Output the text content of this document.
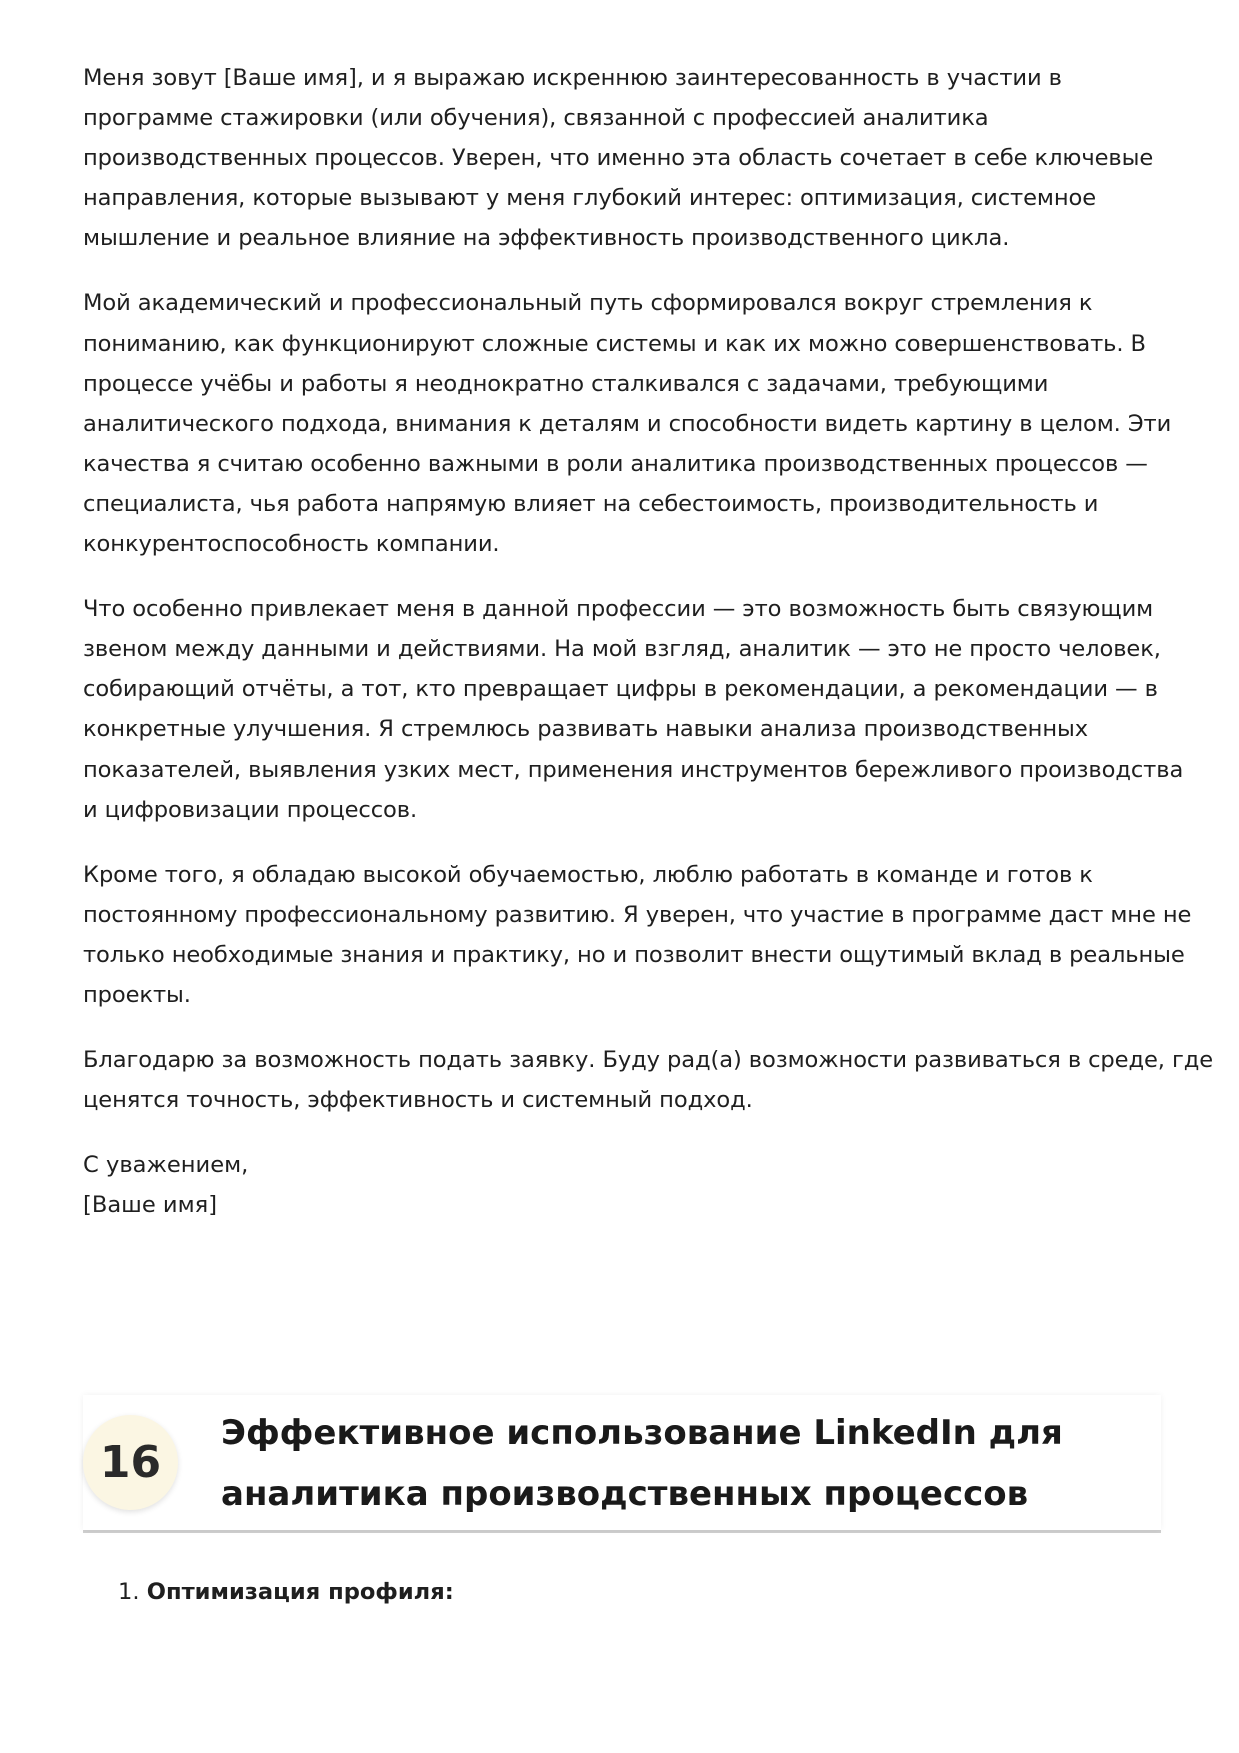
Меня зовут [Ваше имя], и я выражаю искреннюю заинтересованность в участии в
программе стажировки (или обучения), связанной с профессией аналитика
производственных процессов. Уверен, что именно эта область сочетает в себе ключевые
направления, которые вызывают у меня глубокий интерес: оптимизация, системное
мышление и реальное влияние на эффективность производственного цикла.

Мой академический и профессиональный путь сформировался вокруг стремления к
пониманию, как функционируют сложные системы и как их можно совершенствовать. В
процессе учёбы и работы я неоднократно сталкивался с задачами, требующими
аналитического подхода, внимания к деталям и способности видеть картину в целом. Эти
качества я считаю особенно важными в роли аналитика производственных процессов —
специалиста, чья работа напрямую влияет на себестоимость, производительность и
конкурентоспособность компании.

Что особенно привлекает меня в данной профессии — это возможность быть связующим
звеном между данными и действиями. На мой взгляд, аналитик — это не просто человек,
собирающий отчёты, а тот, кто превращает цифры в рекомендации, а рекомендации — в
конкретные улучшения. Я стремлюсь развивать навыки анализа производственных
показателей, выявления узких мест, применения инструментов бережливого производства
и цифровизации процессов.

Кроме того, я обладаю высокой обучаемостью, люблю работать в команде и готов к
постоянному профессиональному развитию. Я уверен, что участие в программе даст мне не
только необходимые знания и практику, но и позволит внести ощутимый вклад в реальные
проекты.

Благодарю за возможность подать заявку. Буду рад(а) возможности развиваться в среде, где
ценятся точность, эффективность и системный подход.

С уважением,
[Ваше имя]
16
Эффективное использование LinkedIn для
аналитика производственных процессов
1. Оптимизация профиля:
